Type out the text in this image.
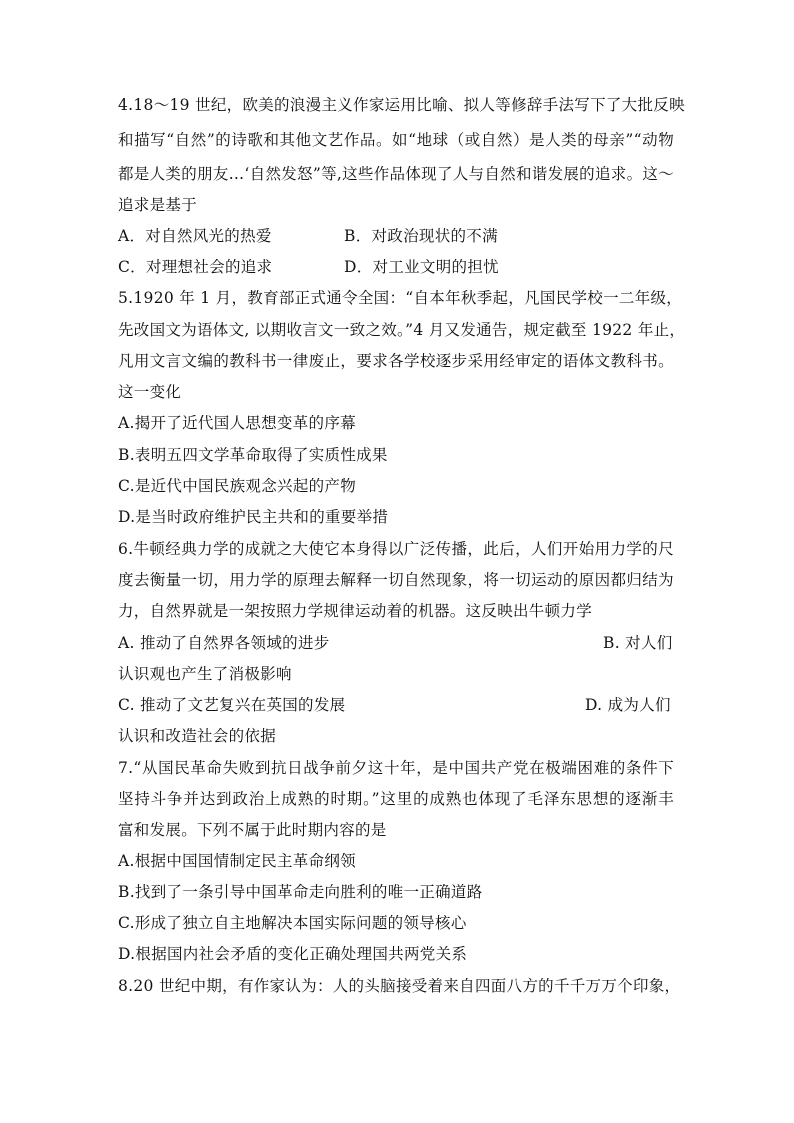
4.18～19 世纪，欧美的浪漫主义作家运用比喻、拟人等修辞手法写下了大批反映
和描写“自然”的诗歌和其他文艺作品。如“地球（或自然）是人类的母亲”“动物
都是人类的朋友…‘自然发怒”等,这些作品体现了人与自然和谐发展的追求。这～
追求是基于
A．对自然风光的热爱	B．对政治现状的不满
C．对理想社会的追求	D．对工业文明的担忧
5.1920 年 1 月，教育部正式通令全国：“自本年秋季起，凡国民学校一二年级，
先改国文为语体文, 以期收言文一致之效。”4 月又发通告，规定截至 1922 年止，
凡用文言文编的教科书一律废止，要求各学校逐步采用经审定的语体文教科书。
这一变化
A.揭开了近代国人思想变革的序幕
B.表明五四文学革命取得了实质性成果
C.是近代中国民族观念兴起的产物
D.是当时政府维护民主共和的重要举措
6.牛顿经典力学的成就之大使它本身得以广泛传播，此后，人们开始用力学的尺
度去衡量一切，用力学的原理去解释一切自然现象，将一切运动的原因都归结为
力，自然界就是一架按照力学规律运动着的机器。这反映出牛顿力学
A. 推动了自然界各领域的进步	B. 对人们
认识观也产生了消极影响
C. 推动了文艺复兴在英国的发展	D. 成为人们
认识和改造社会的依据
7.“从国民革命失败到抗日战争前夕这十年，是中国共产党在极端困难的条件下
坚持斗争并达到政治上成熟的时期。”这里的成熟也体现了毛泽东思想的逐渐丰
富和发展。下列不属于此时期内容的是
A.根据中国国情制定民主革命纲领
B.找到了一条引导中国革命走向胜利的唯一正确道路
C.形成了独立自主地解决本国实际问题的领导核心
D.根据国内社会矛盾的变化正确处理国共两党关系
8.20 世纪中期，有作家认为：人的头脑接受着来自四面八方的千千万万个印象，
